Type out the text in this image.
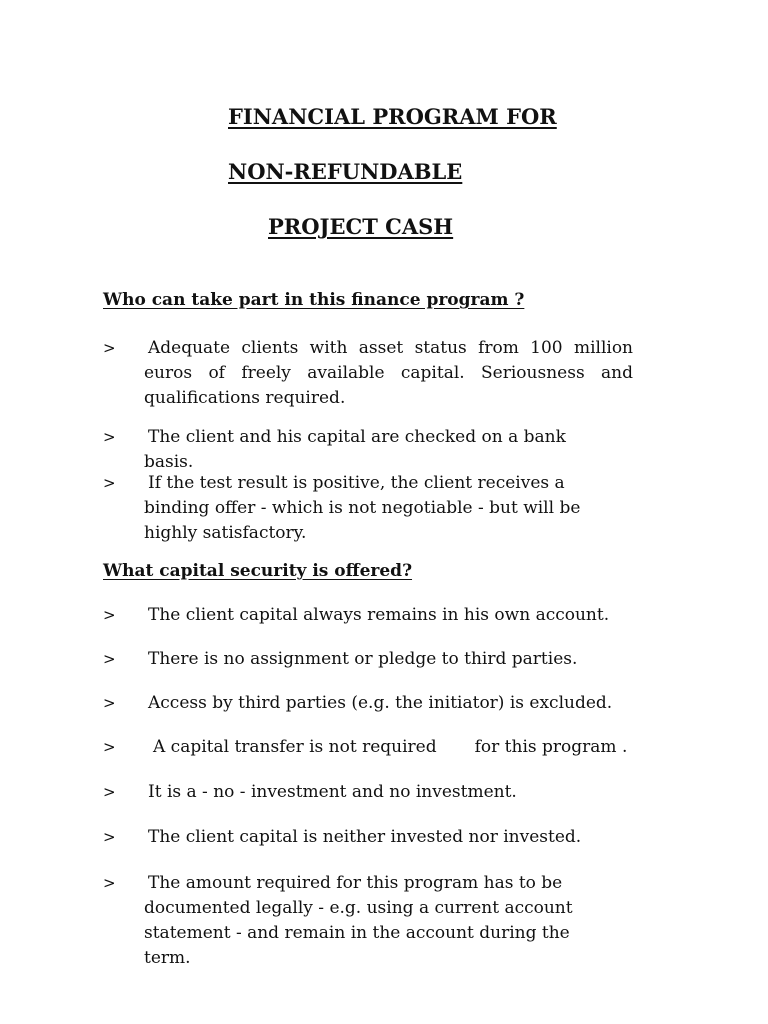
FINANCIAL PROGRAM FOR
NON-REFUNDABLE
PROJECT CASH
Who can take part in this finance program ?
> Adequate clients with asset status from 100 million euros of freely available capital. Seriousness and qualifications required.
> The client and his capital are checked on a bank basis.
> If the test result is positive, the client receives a binding offer - which is not negotiable - but will be highly satisfactory.
What capital security is offered?
> The client capital always remains in his own account.
> There is no assignment or pledge to third parties.
> Access by third parties (e.g. the initiator) is excluded.
>	A capital transfer is not required for this program .
> It is a - no - investment and no investment.
> The client capital is neither invested nor invested.
> The amount required for this program has to be documented legally - e.g. using a current account statement - and remain in the account during the term.
